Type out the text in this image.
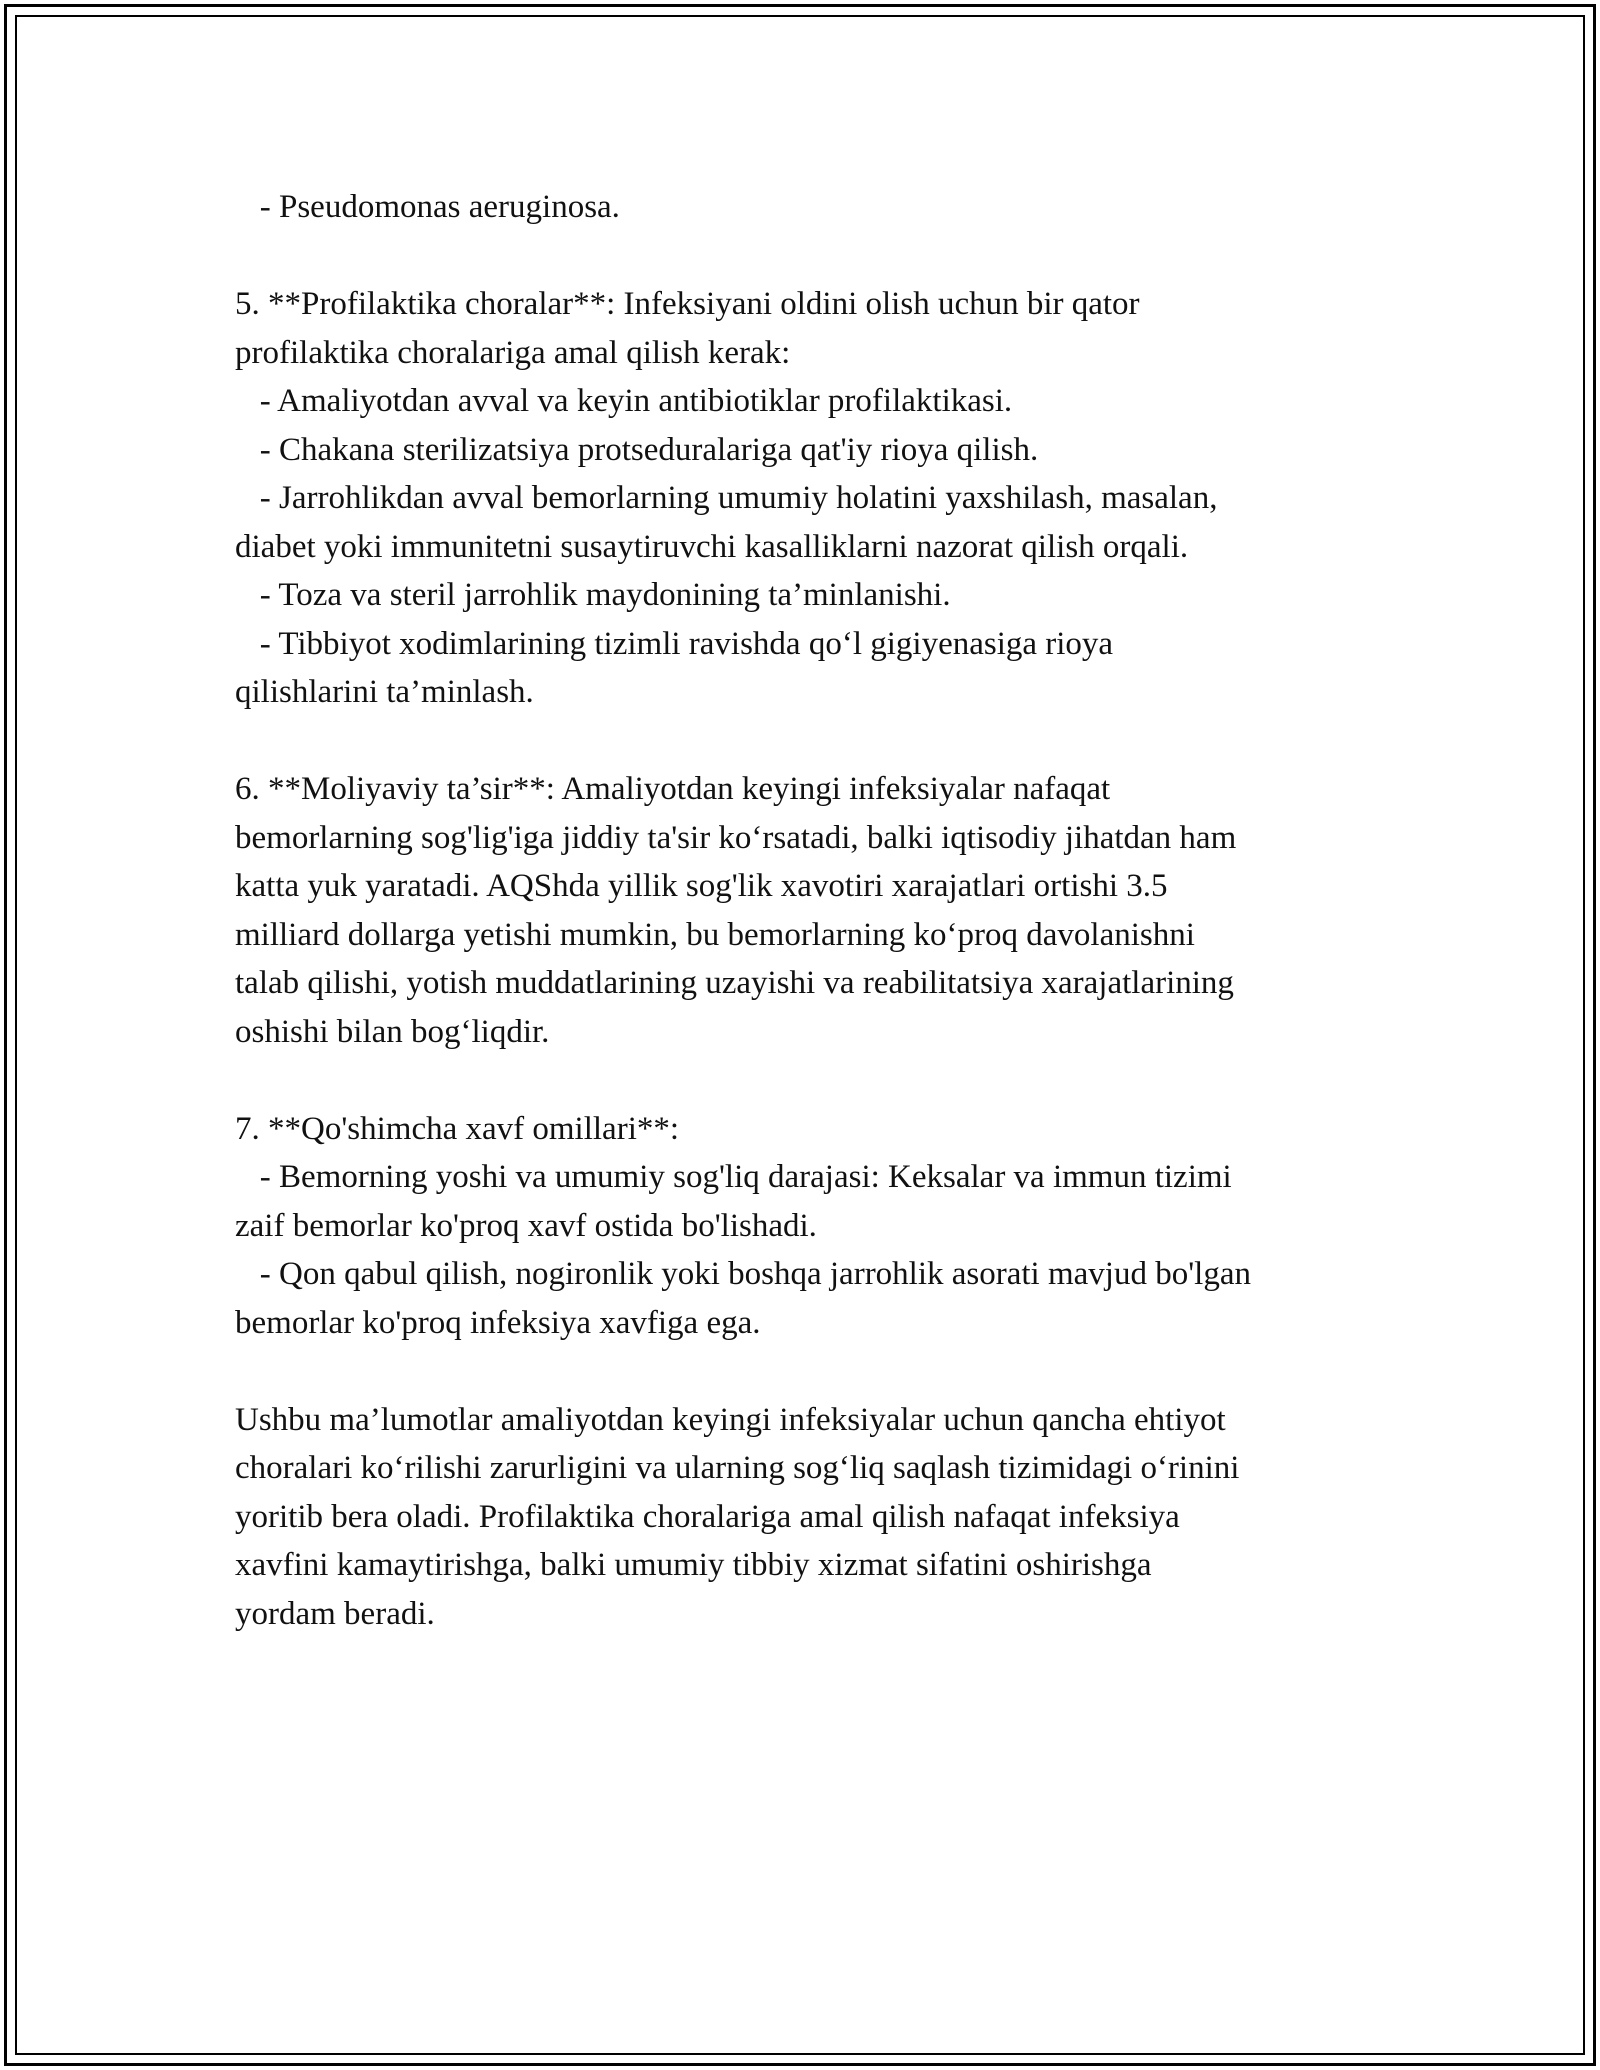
- Pseudomonas aeruginosa.
5. **Profilaktika choralar**: Infeksiyani oldini olish uchun bir qator
profilaktika choralariga amal qilish kerak:
- Amaliyotdan avval va keyin antibiotiklar profilaktikasi.
- Chakana sterilizatsiya protseduralariga qat'iy rioya qilish.
- Jarrohlikdan avval bemorlarning umumiy holatini yaxshilash, masalan,
diabet yoki immunitetni susaytiruvchi kasalliklarni nazorat qilish orqali.
- Toza va steril jarrohlik maydonining ta’minlanishi.
- Tibbiyot xodimlarining tizimli ravishda qo‘l gigiyenasiga rioya
qilishlarini ta’minlash.
6. **Moliyaviy ta’sir**: Amaliyotdan keyingi infeksiyalar nafaqat
bemorlarning sog'lig'iga jiddiy ta'sir ko‘rsatadi, balki iqtisodiy jihatdan ham
katta yuk yaratadi. AQShda yillik sog'lik xavotiri xarajatlari ortishi 3.5
milliard dollarga yetishi mumkin, bu bemorlarning ko‘proq davolanishni
talab qilishi, yotish muddatlarining uzayishi va reabilitatsiya xarajatlarining
oshishi bilan bog‘liqdir.
7. **Qo'shimcha xavf omillari**:
- Bemorning yoshi va umumiy sog'liq darajasi: Keksalar va immun tizimi
zaif bemorlar ko'proq xavf ostida bo'lishadi.
- Qon qabul qilish, nogironlik yoki boshqa jarrohlik asorati mavjud bo'lgan
bemorlar ko'proq infeksiya xavfiga ega.
Ushbu ma’lumotlar amaliyotdan keyingi infeksiyalar uchun qancha ehtiyot
choralari ko‘rilishi zarurligini va ularning sog‘liq saqlash tizimidagi o‘rinini
yoritib bera oladi. Profilaktika choralariga amal qilish nafaqat infeksiya
xavfini kamaytirishga, balki umumiy tibbiy xizmat sifatini oshirishga
yordam beradi.
